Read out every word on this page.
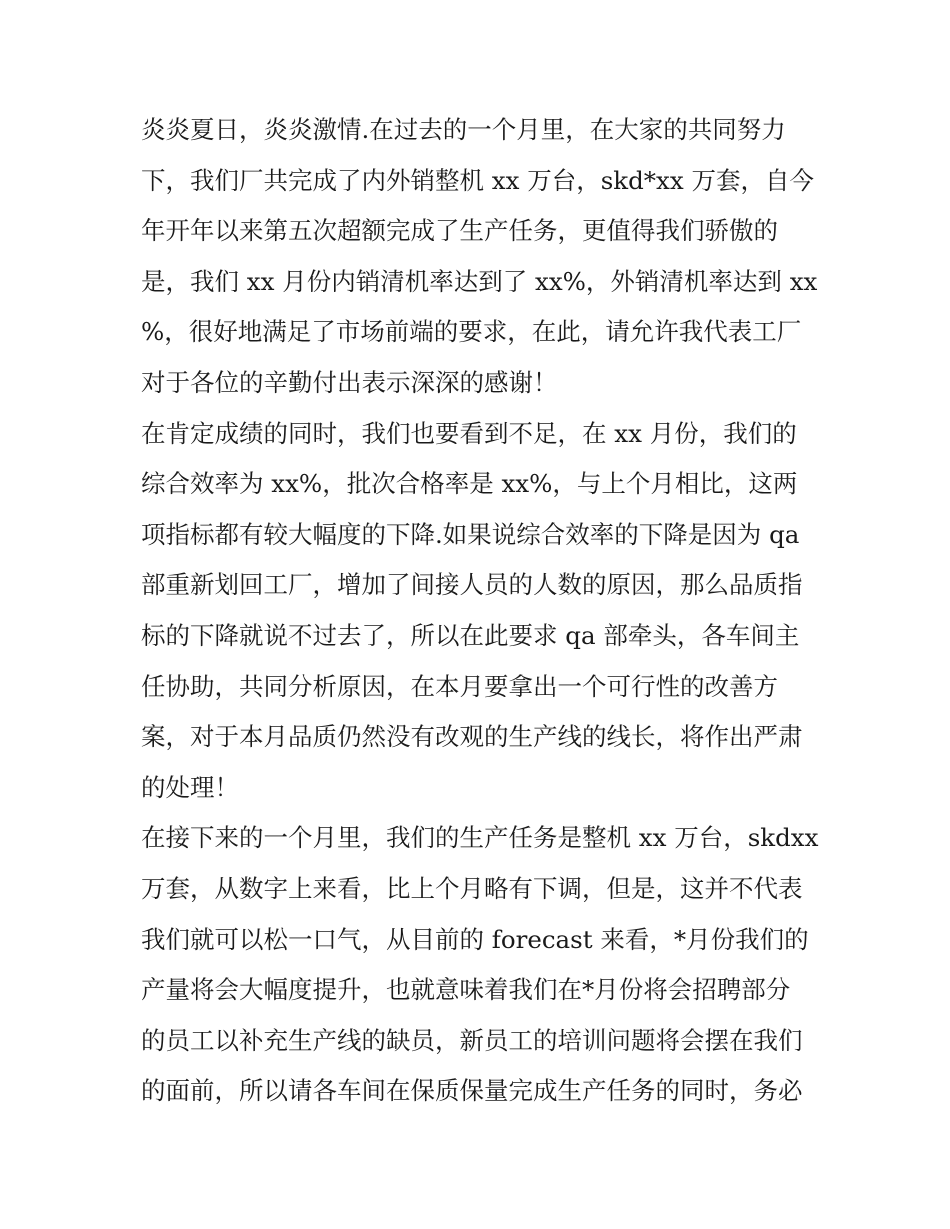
炎炎夏日，炎炎激情.在过去的一个月里，在大家的共同努力
下，我们厂共完成了内外销整机 xx 万台，skd*xx 万套，自今
年开年以来第五次超额完成了生产任务，更值得我们骄傲的
是，我们 xx 月份内销清机率达到了 xx%，外销清机率达到 xx
%，很好地满足了市场前端的要求，在此，请允许我代表工厂
对于各位的辛勤付出表示深深的感谢！
在肯定成绩的同时，我们也要看到不足，在 xx 月份，我们的
综合效率为 xx%，批次合格率是 xx%，与上个月相比，这两
项指标都有较大幅度的下降.如果说综合效率的下降是因为 qa
部重新划回工厂，增加了间接人员的人数的原因，那么品质指
标的下降就说不过去了，所以在此要求 qa 部牵头，各车间主
任协助，共同分析原因，在本月要拿出一个可行性的改善方
案，对于本月品质仍然没有改观的生产线的线长，将作出严肃
的处理！
在接下来的一个月里，我们的生产任务是整机 xx 万台，skdxx
万套，从数字上来看，比上个月略有下调，但是，这并不代表
我们就可以松一口气，从目前的 forecast 来看，*月份我们的
产量将会大幅度提升，也就意味着我们在*月份将会招聘部分
的员工以补充生产线的缺员，新员工的培训问题将会摆在我们
的面前，所以请各车间在保质保量完成生产任务的同时，务必
